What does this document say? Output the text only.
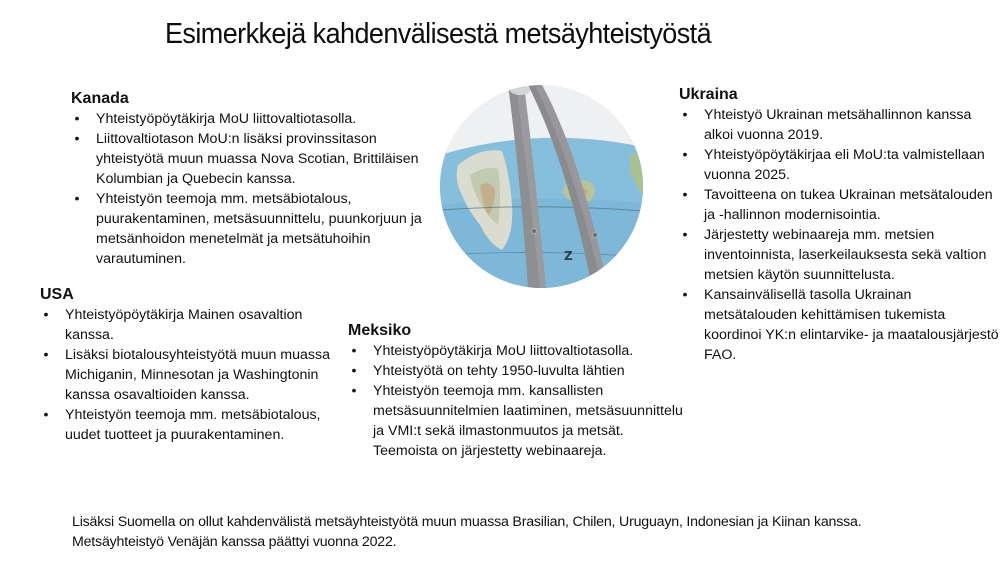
Esimerkkejä kahdenvälisestä metsäyhteistyöstä
Kanada
• Yhteistyöpöytäkirja MoU liittovaltiotasolla.
• Liittovaltiotason MoU:n lisäksi provinssitason yhteistyötä muun muassa Nova Scotian, Brittiläisen Kolumbian ja Quebecin kanssa.
• Yhteistyön teemoja mm. metsäbiotalous, puurakentaminen, metsäsuunnittelu, puunkorjuun ja metsänhoidon menetelmät ja metsätuhoihin varautuminen.
USA
• Yhteistyöpöytäkirja Mainen osavaltion kanssa.
• Lisäksi biotalousyhteistyötä muun muassa Michiganin, Minnesotan ja Washingtonin kanssa osavaltioiden kanssa.
• Yhteistyön teemoja mm. metsäbiotalous, uudet tuotteet ja puurakentaminen.
Meksiko
• Yhteistyöpöytäkirja MoU liittovaltiotasolla.
• Yhteistyötä on tehty 1950-luvulta lähtien
• Yhteistyön teemoja mm. kansallisten metsäsuunnitelmien laatiminen, metsäsuunnittelu ja VMI:t sekä ilmastonmuutos ja metsät. Teemoista on järjestetty webinaareja.
Ukraina
• Yhteistyö Ukrainan metsähallinnon kanssa alkoi vuonna 2019.
• Yhteistyöpöytäkirjaa eli MoU:ta valmistellaan vuonna 2025.
• Tavoitteena on tukea Ukrainan metsätalouden ja -hallinnon modernisointia.
• Järjestetty webinaareja mm. metsien inventoinnista, laserkeilauksesta sekä valtion metsien käytön suunnittelusta.
• Kansainvälisellä tasolla Ukrainan metsätalouden kehittämisen tukemista koordinoi YK:n elintarvike- ja maatalousjärjestö FAO.
Z
Lisäksi Suomella on ollut kahdenvälistä metsäyhteistyötä muun muassa Brasilian, Chilen, Uruguayn, Indonesian ja Kiinan kanssa.
Metsäyhteistyö Venäjän kanssa päättyi vuonna 2022.
